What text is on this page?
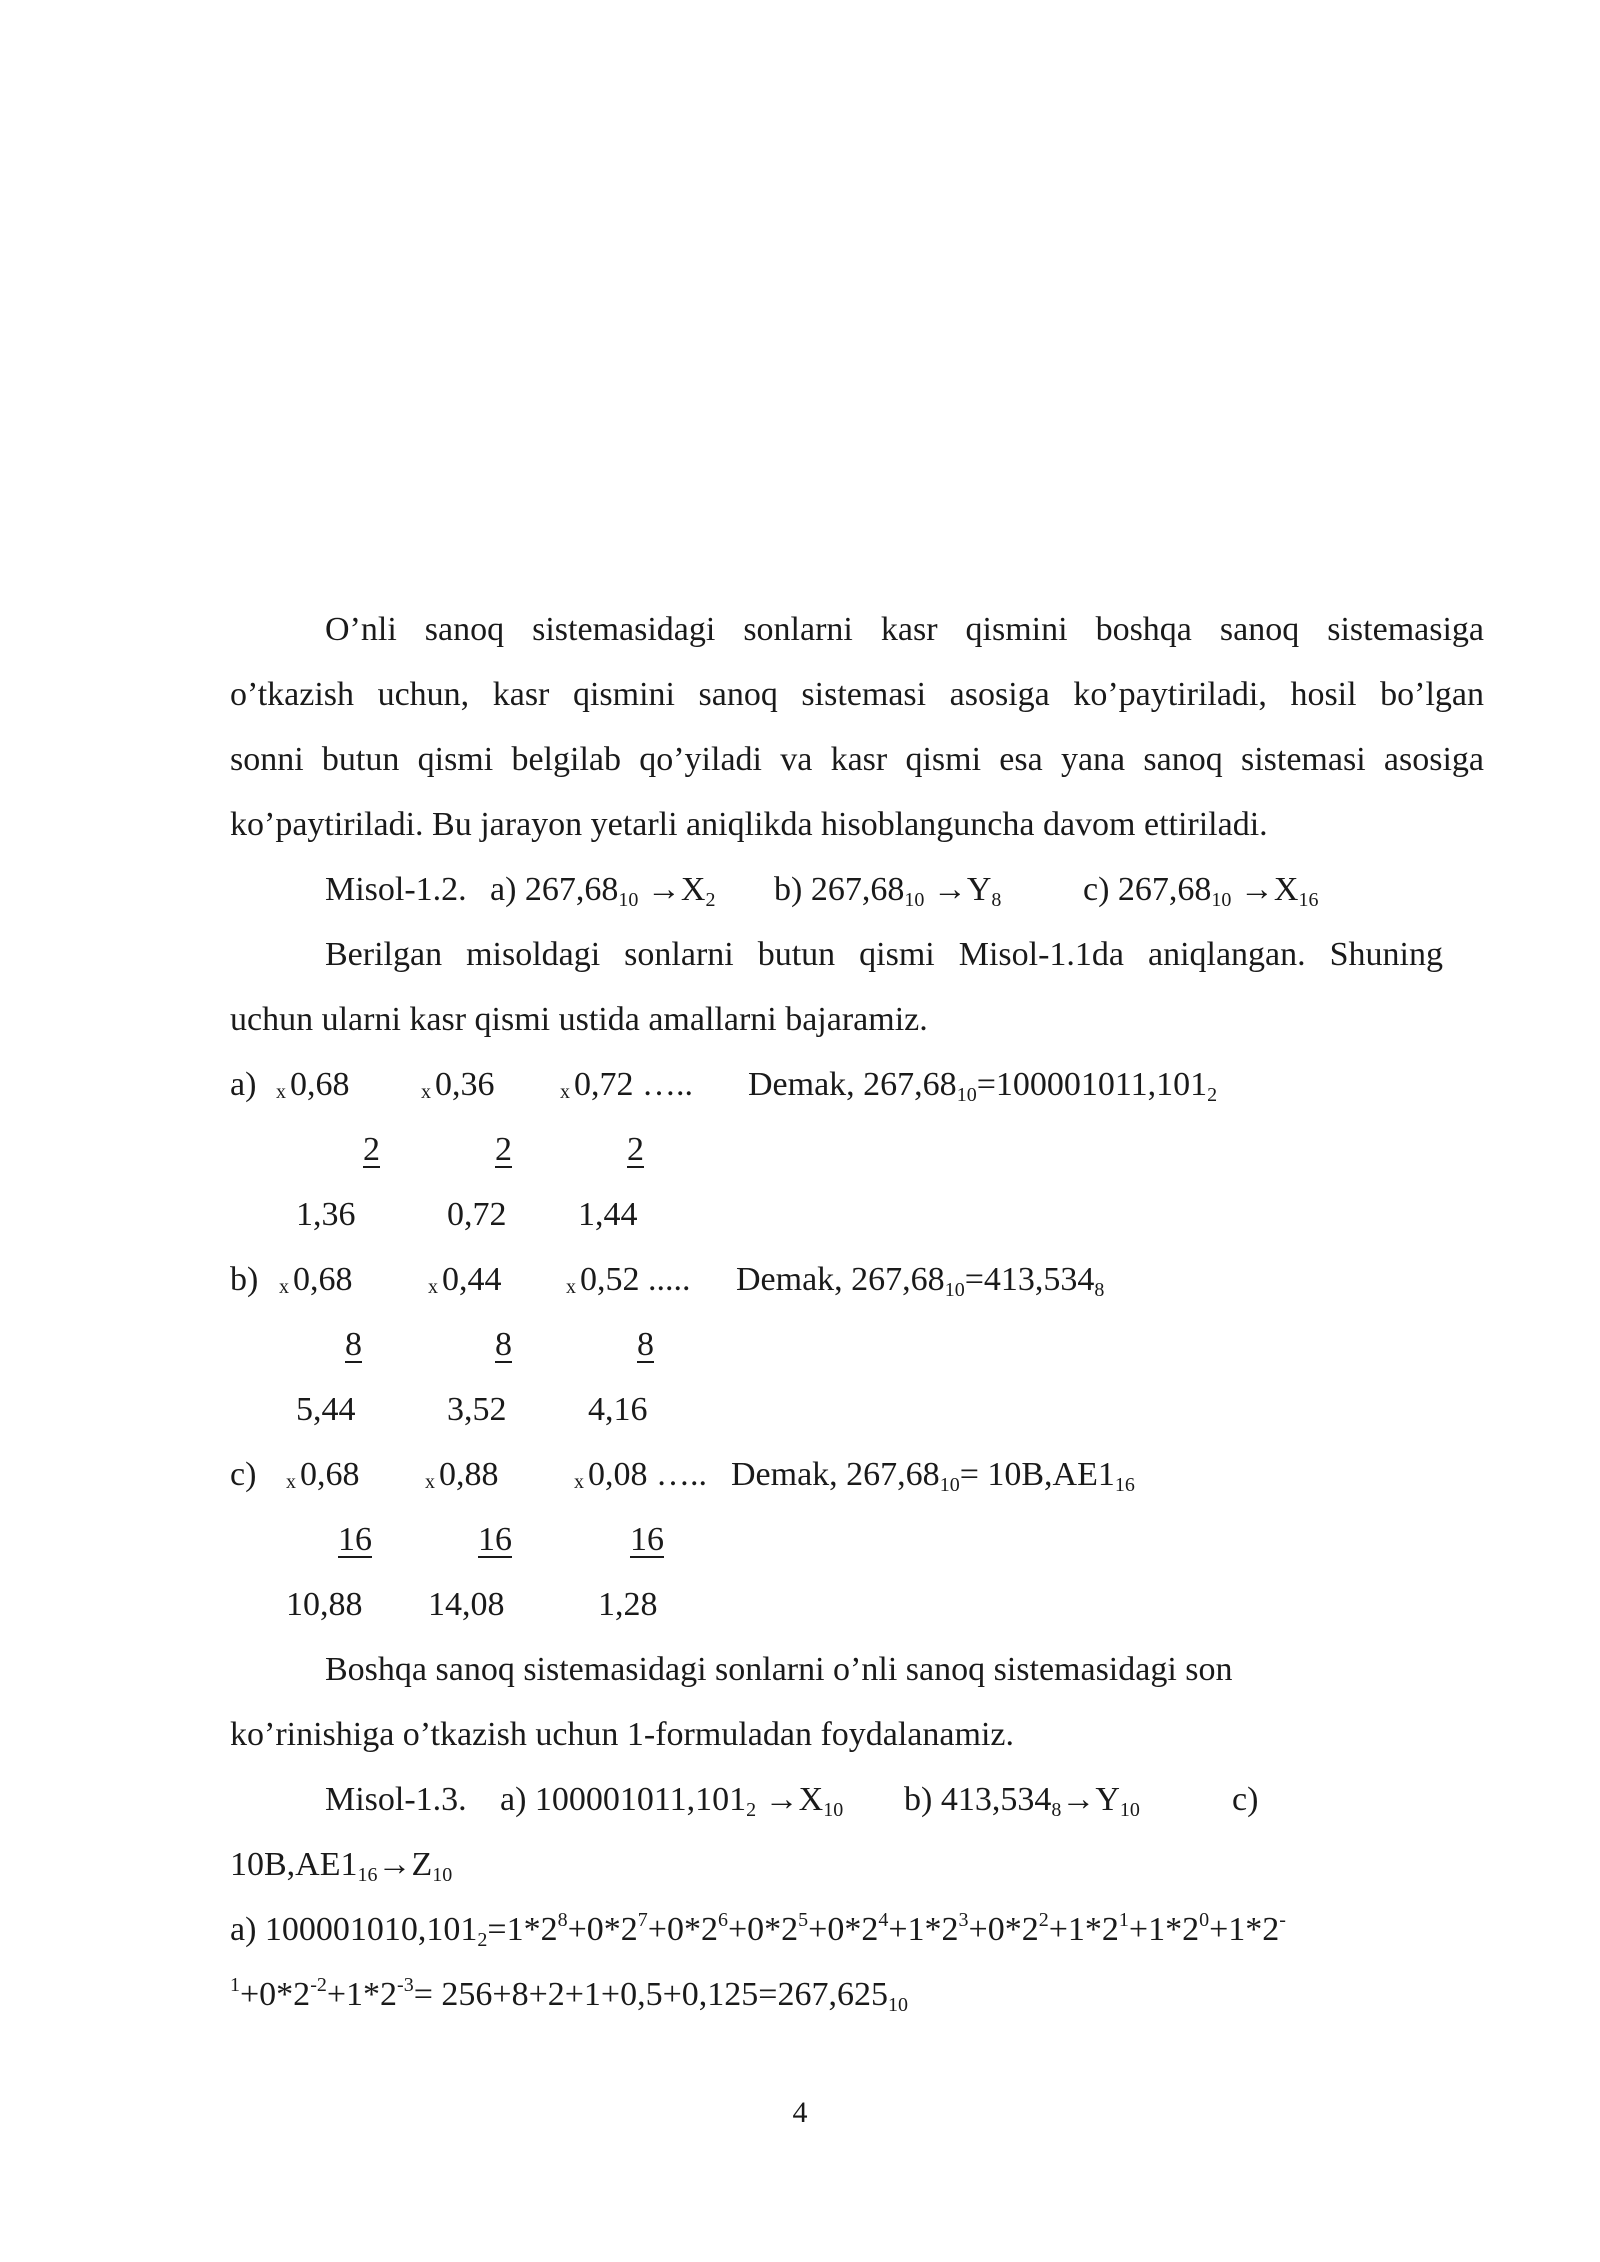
O’nli sanoq sistemasidagi sonlarni kasr qismini boshqa sanoq sistemasiga

o’tkazish uchun, kasr qismini sanoq sistemasi asosiga ko’paytiriladi, hosil bo’lgan

sonni butun qismi belgilab qo’yiladi va kasr qismi esa yana sanoq sistemasi asosiga

ko’paytiriladi. Bu jarayon yetarli aniqlikda hisoblanguncha davom ettiriladi.

Misol-1.2. a) $267,68_{10} \to X_2$ b) $267,68_{10} \to Y_8$ c) $267,68_{10} \to X_{16}$

Berilgan misoldagi sonlarni butun qismi Misol-1.1da aniqlangan. Shuning

uchun ularni kasr qismi ustida amallarni bajaramiz.

a) x 0,68	x 0,36	x 0,72 ….. Demak, $267,68_{10}=100001011,101_2$
2	2	2
1,36	0,72 1,44
b) x 0,68	x 0,44	x 0,52 ..... Demak, $267,68_{10}=413,534_8$
8	8	8
5,44	3,52 4,16
c) x 0,68	x 0,88	x 0,08 ….. Demak, $267,68_{10}= 10B,AE1_{16}$
16	16	16
10,88 14,08	1,28

Boshqa sanoq sistemasidagi sonlarni o’nli sanoq sistemasidagi son

ko’rinishiga o’tkazish uchun 1-formuladan foydalanamiz.

Misol-1.3. a) $100001011,101_2 \to X_{10}$ b) $413,534_8\to Y_{10}$	c)
$10B,AE1_{16}\to Z_{10}$
a) $100001010,101_2=1*2^8+0*2^7+0*2^6+0*2^5+0*2^4+1*2^3+0*2^2+1*2^1+1*2^0+1*2^-$
$^1+0*2^{-2}+1*2^{-3}= 256+8+2+1+0,5+0,125=267,625_{10}$
4
